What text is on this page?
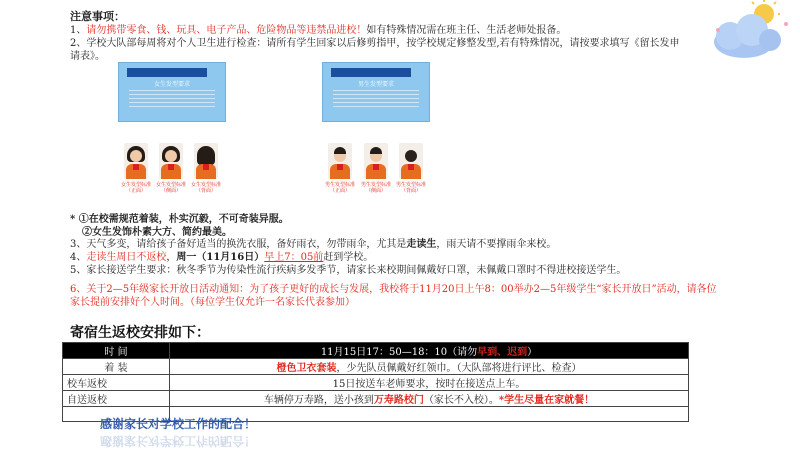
注意事项：
1、请勿携带零食、钱、玩具、电子产品、危险物品等违禁品进校！如有特殊情况需在班主任、生活老师处报备。
2、学校大队部每周将对个人卫生进行检查：请所有学生回家以后修剪指甲，按学校规定修整发型,若有特殊情况，请按要求填写《留长发申
请表》。
女生发型要求
女生发型标准（正面）
女生发型标准（侧面）
女生发型标准（背面）
男生发型要求
男生发型标准（正面）
男生发型标准（侧面）
男生发型标准（背面）
* ①在校需规范着装，朴实沉毅，不可奇装异服。
②女生发饰朴素大方、简约最美。
3、天气多变，请给孩子备好适当的换洗衣服，备好雨衣，勿带雨伞，尤其是走读生，雨天请不要撑雨伞来校。
4、走读生周日不返校，周一（11月16日）早上7：05前赶到学校。
5、家长接送学生要求：秋冬季节为传染性流行疾病多发季节，请家长来校期间佩戴好口罩，未佩戴口罩时不得进校接送学生。
6、关于2—5年级家长开放日活动通知：为了孩子更好的成长与发展，我校将于11月20日上午8：00举办2—5年级学生“家长开放日”活动，请各位
家长提前安排好个人时间。（每位学生仅允许一名家长代表参加）
寄宿生返校安排如下：
时 间	11月15日17：50—18：10（请勿早到、迟到）
着 装	橙色卫衣套装，少先队员佩戴好红领巾。（大队部将进行评比、检查）
校车返校	15日按送车老师要求，按时在接送点上车。
自送返校	车辆停万寿路，送小孩到万寿路校门（家长不入校）。*学生尽量在家就餐！

感谢家长对学校工作的配合！
感谢家长对学校工作的配合！
